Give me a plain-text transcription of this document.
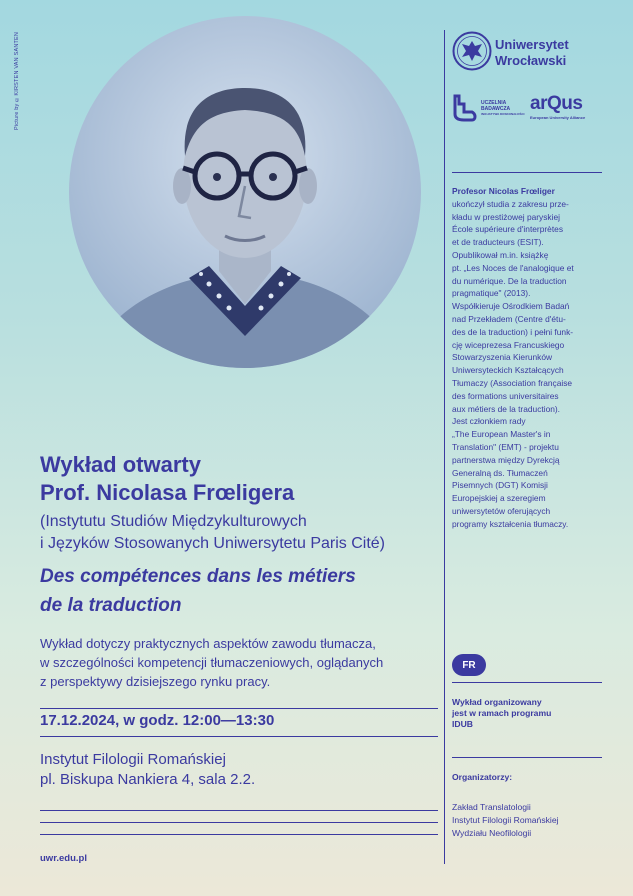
Picture by ©KIRSTEN VAN SANTEN
Wykład otwarty
Prof. Nicolasa Frœligera
(Instytutu Studiów Międzykulturowych
i Języków Stosowanych Uniwersytetu Paris Cité)
Des compétences dans les métiers
de la traduction
Wykład dotyczy praktycznych aspektów zawodu tłumacza,
w szczególności kompetencji tłumaczeniowych, oglądanych
z perspektywy dzisiejszego rynku pracy.
17.12.2024, w godz. 12:00—13:30
Instytut Filologii Romańskiej
pl. Biskupa Nankiera 4, sala 2.2.
uwr.edu.pl
Uniwersytet
Wrocławski
UCZELNIA
BADAWCZA
INICJATYWA DOSKONAŁOŚCI arQus
European University Alliance
Profesor Nicolas Frœliger
ukończył studia z zakresu prze-
kładu w prestiżowej paryskiej
École supérieure d'interprètes
et de traducteurs (ESIT).
Opublikował m.in. książkę
pt. „Les Noces de l'analogique et
du numérique. De la traduction
pragmatique" (2013).
Współkieruje Ośrodkiem Badań
nad Przekładem (Centre d'étu-
des de la traduction) i pełni funk-
cję wiceprezesa Francuskiego
Stowarzyszenia Kierunków
Uniwersyteckich Kształcących
Tłumaczy (Association française
des formations universitaires
aux métiers de la traduction).
Jest członkiem rady
„The European Master's in
Translation" (EMT) - projektu
partnerstwa między Dyrekcją
Generalną ds. Tłumaczeń
Pisemnych (DGT) Komisji
Europejskiej a szeregiem
uniwersytetów oferujących
programy kształcenia tłumaczy.
FR
Wykład organizowany
jest w ramach programu
IDUB
Organizatorzy:
Zakład Translatologii
Instytut Filologii Romańskiej
Wydziału Neofilologii
